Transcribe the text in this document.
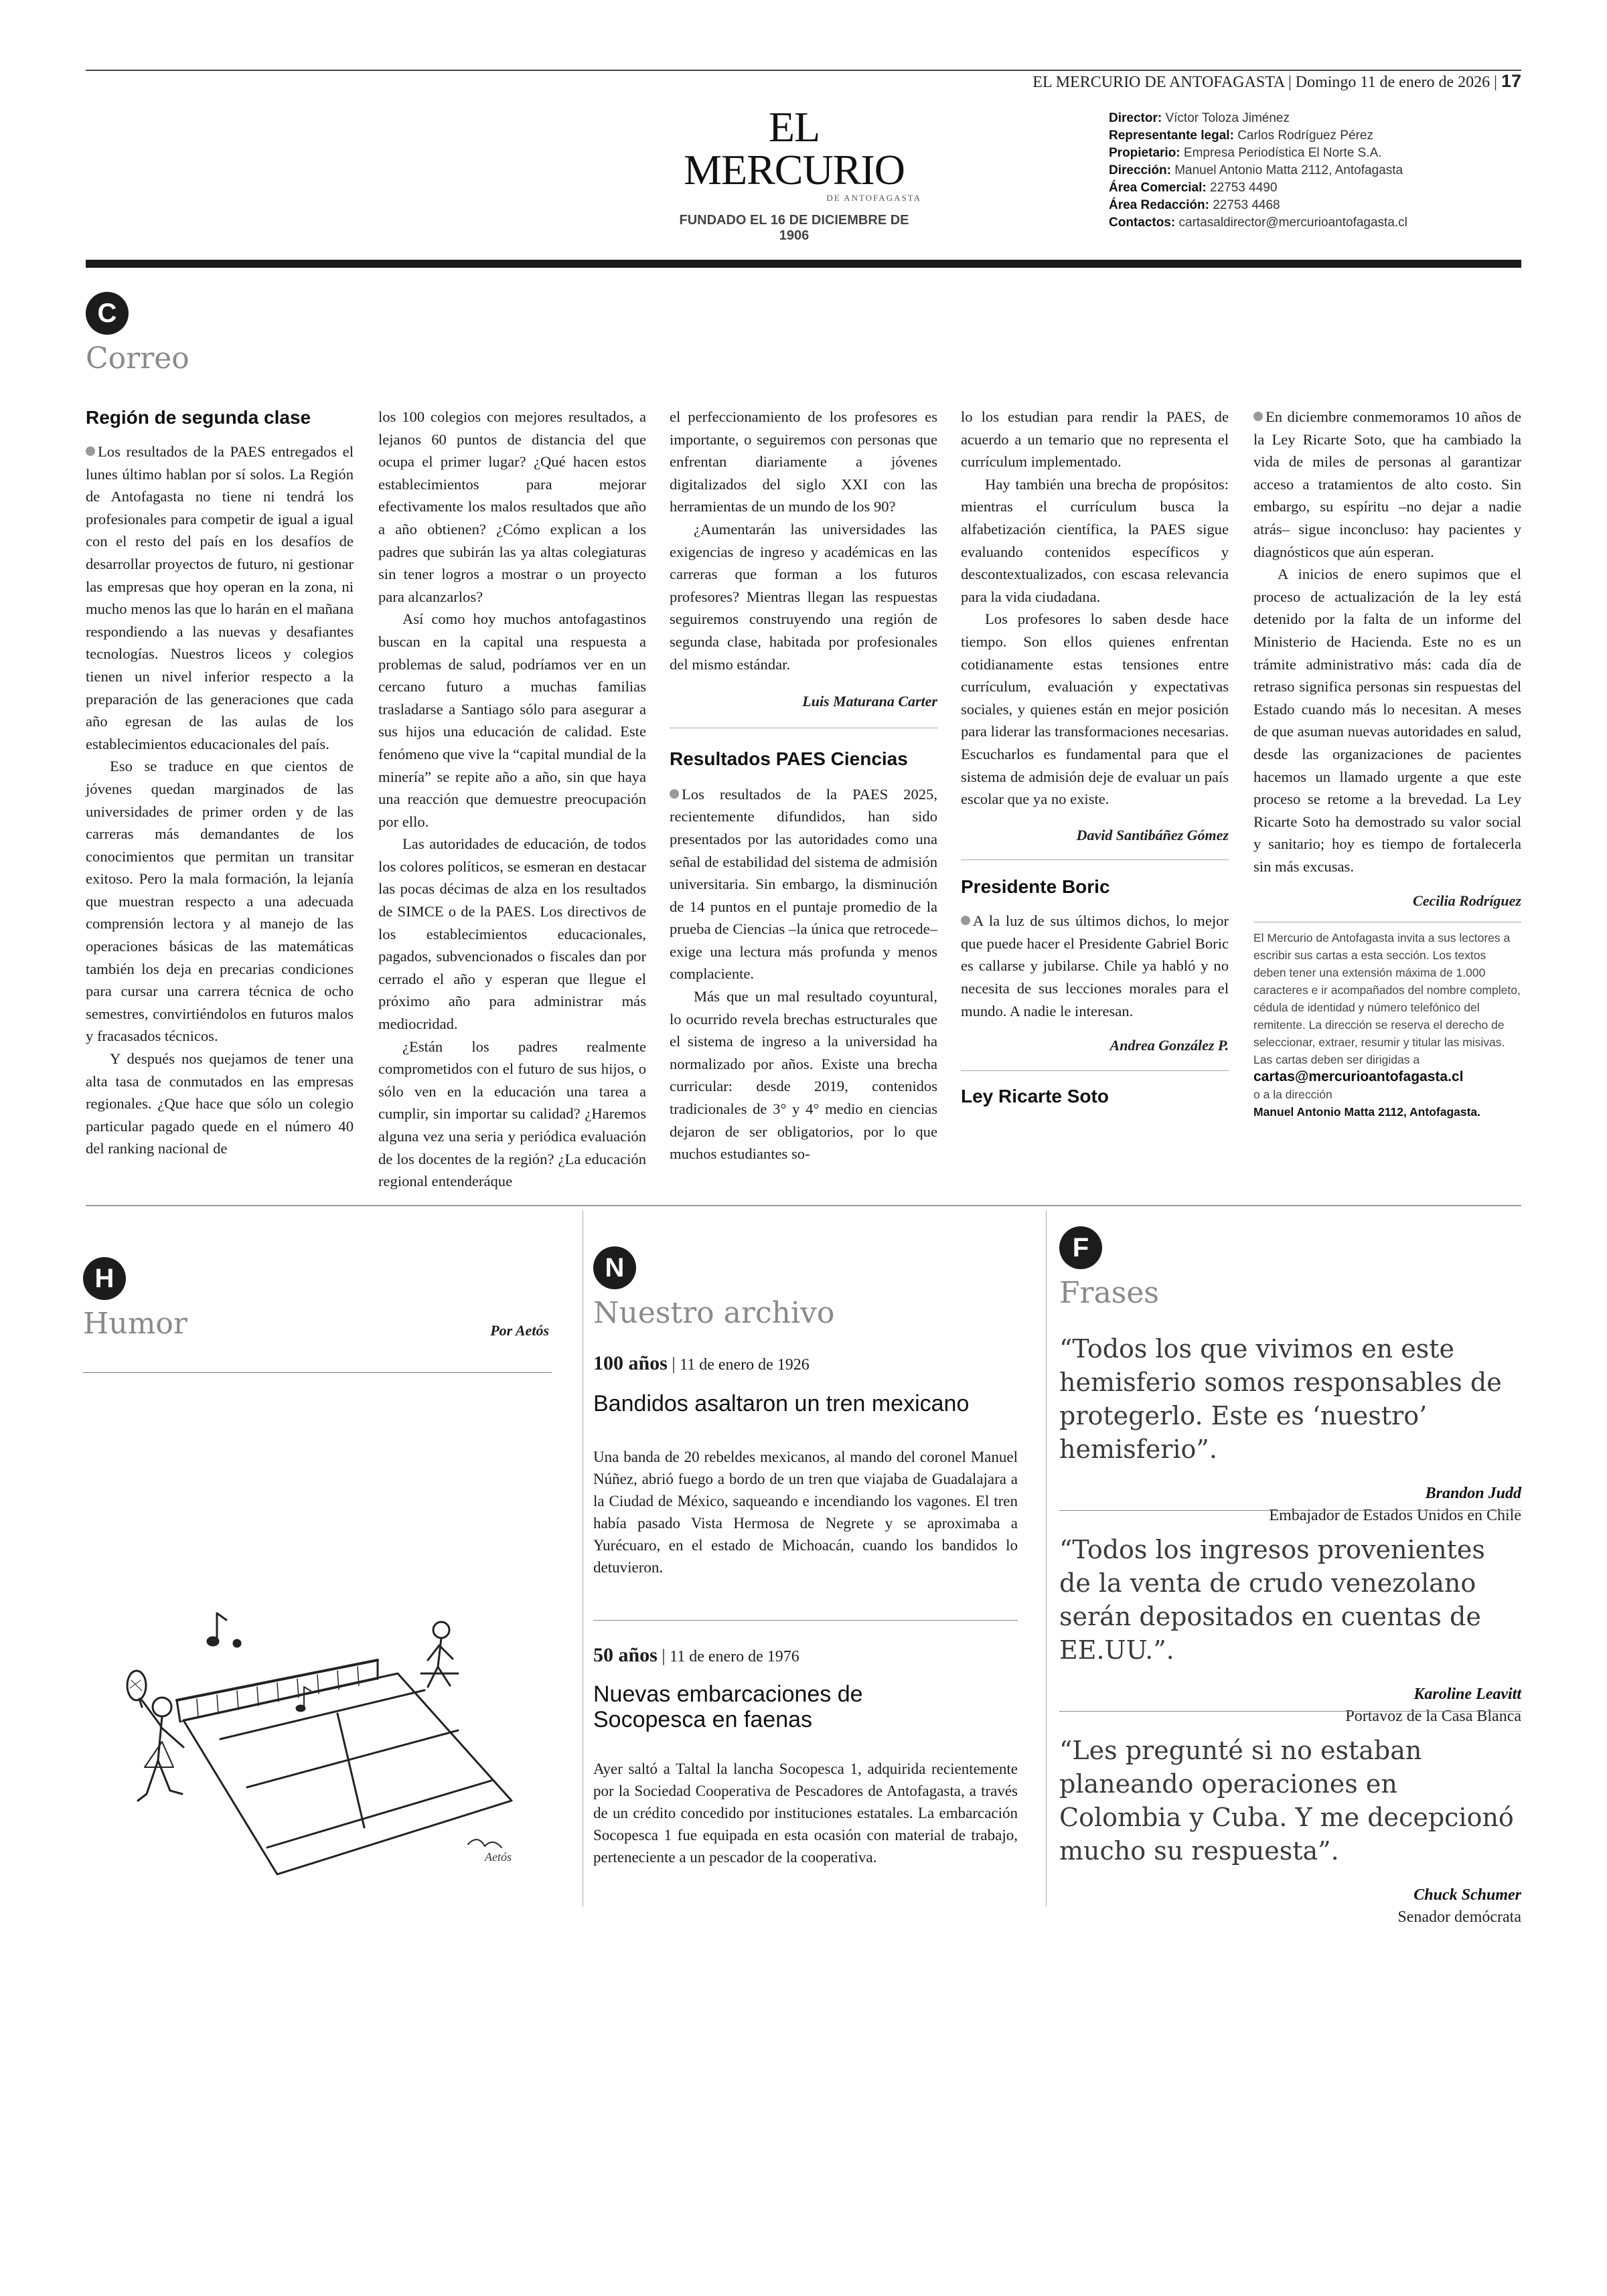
EL MERCURIO DE ANTOFAGASTA | Domingo 11 de enero de 2026 | 17
EL MERCURIO
DE ANTOFAGASTA
FUNDADO EL 16 DE DICIEMBRE DE 1906
Director: Víctor Toloza Jiménez
Representante legal: Carlos Rodríguez Pérez
Propietario: Empresa Periodística El Norte S.A.
Dirección: Manuel Antonio Matta 2112, Antofagasta
Área Comercial: 22753 4490
Área Redacción: 22753 4468
Contactos: cartasaldirector@mercurioantofagasta.cl
C
Correo
Región de segunda clase

Los resultados de la PAES entregados el lunes último hablan por sí solos. La Región de Antofagasta no tiene ni tendrá los profesionales para competir de igual a igual con el resto del país en los desafíos de desarrollar proyectos de futuro, ni gestionar las empresas que hoy operan en la zona, ni mucho menos las que lo harán en el mañana respondiendo a las nuevas y desafiantes tecnologías. Nuestros liceos y colegios tienen un nivel inferior respecto a la preparación de las generaciones que cada año egresan de las aulas de los establecimientos educacionales del país.

Eso se traduce en que cientos de jóvenes quedan marginados de las universidades de primer orden y de las carreras más demandantes de los conocimientos que permitan un transitar exitoso. Pero la mala formación, la lejanía que muestran respecto a una adecuada comprensión lectora y al manejo de las operaciones básicas de las matemáticas también los deja en precarias condiciones para cursar una carrera técnica de ocho semestres, convirtiéndolos en futuros malos y fracasados técnicos.

Y después nos quejamos de tener una alta tasa de conmutados en las empresas regionales. ¿Que hace que sólo un colegio particular pagado quede en el número 40 del ranking nacional de

los 100 colegios con mejores resultados, a lejanos 60 puntos de distancia del que ocupa el primer lugar? ¿Qué hacen estos establecimientos para mejorar efectivamente los malos resultados que año a año obtienen? ¿Cómo explican a los padres que subirán las ya altas colegiaturas sin tener logros a mostrar o un proyecto para alcanzarlos?

Así como hoy muchos antofagastinos buscan en la capital una respuesta a problemas de salud, podríamos ver en un cercano futuro a muchas familias trasladarse a Santiago sólo para asegurar a sus hijos una educación de calidad. Este fenómeno que vive la “capital mundial de la minería” se repite año a año, sin que haya una reacción que demuestre preocupación por ello.

Las autoridades de educación, de todos los colores políticos, se esmeran en destacar las pocas décimas de alza en los resultados de SIMCE o de la PAES. Los directivos de los establecimientos educacionales, pagados, subvencionados o fiscales dan por cerrado el año y esperan que llegue el próximo año para administrar más mediocridad.

¿Están los padres realmente comprometidos con el futuro de sus hijos, o sólo ven en la educación una tarea a cumplir, sin importar su calidad? ¿Haremos alguna vez una seria y periódica evaluación de los docentes de la región? ¿La educación regional entenderáque

el perfeccionamiento de los profesores es importante, o seguiremos con personas que enfrentan diariamente a jóvenes digitalizados del siglo XXI con las herramientas de un mundo de los 90?

¿Aumentarán las universidades las exigencias de ingreso y académicas en las carreras que forman a los futuros profesores? Mientras llegan las respuestas seguiremos construyendo una región de segunda clase, habitada por profesionales del mismo estándar.

Luis Maturana Carter
Resultados PAES Ciencias

Los resultados de la PAES 2025, recientemente difundidos, han sido presentados por las autoridades como una señal de estabilidad del sistema de admisión universitaria. Sin embargo, la disminución de 14 puntos en el puntaje promedio de la prueba de Ciencias –la única que retrocede– exige una lectura más profunda y menos complaciente.

Más que un mal resultado coyuntural, lo ocurrido revela brechas estructurales que el sistema de ingreso a la universidad ha normalizado por años. Existe una brecha curricular: desde 2019, contenidos tradicionales de 3° y 4° medio en ciencias dejaron de ser obligatorios, por lo que muchos estudiantes so-

lo los estudian para rendir la PAES, de acuerdo a un temario que no representa el currículum implementado.

Hay también una brecha de propósitos: mientras el currículum busca la alfabetización científica, la PAES sigue evaluando contenidos específicos y descontextualizados, con escasa relevancia para la vida ciudadana.

Los profesores lo saben desde hace tiempo. Son ellos quienes enfrentan cotidianamente estas tensiones entre currículum, evaluación y expectativas sociales, y quienes están en mejor posición para liderar las transformaciones necesarias. Escucharlos es fundamental para que el sistema de admisión deje de evaluar un país escolar que ya no existe.

David Santibáñez Gómez
Presidente Boric

A la luz de sus últimos dichos, lo mejor que puede hacer el Presidente Gabriel Boric es callarse y jubilarse. Chile ya habló y no necesita de sus lecciones morales para el mundo. A nadie le interesan.

Andrea González P.
Ley Ricarte Soto

En diciembre conmemoramos 10 años de la Ley Ricarte Soto, que ha cambiado la vida de miles de personas al garantizar acceso a tratamientos de alto costo. Sin embargo, su espíritu –no dejar a nadie atrás– sigue inconcluso: hay pacientes y diagnósticos que aún esperan.

A inicios de enero supimos que el proceso de actualización de la ley está detenido por la falta de un informe del Ministerio de Hacienda. Este no es un trámite administrativo más: cada día de retraso significa personas sin respuestas del Estado cuando más lo necesitan. A meses de que asuman nuevas autoridades en salud, desde las organizaciones de pacientes hacemos un llamado urgente a que este proceso se retome a la brevedad. La Ley Ricarte Soto ha demostrado su valor social y sanitario; hoy es tiempo de fortalecerla sin más excusas.

Cecilia Rodríguez
El Mercurio de Antofagasta invita a sus lectores a escribir sus cartas a esta sección. Los textos deben tener una extensión máxima de 1.000 caracteres e ir acompañados del nombre completo, cédula de identidad y número telefónico del remitente. La dirección se reserva el derecho de seleccionar, extraer, resumir y titular las misivas. Las cartas deben ser dirigidas a
cartas@mercurioantofagasta.cl
o a la dirección
Manuel Antonio Matta 2112, Antofagasta.
H
Humor	Por Aetós
Aetós
N
Nuestro archivo
100 años | 11 de enero de 1926
Bandidos asaltaron un tren mexicano
Una banda de 20 rebeldes mexicanos, al mando del coronel Manuel Núñez, abrió fuego a bordo de un tren que viajaba de Guadalajara a la Ciudad de México, saqueando e incendiando los vagones. El tren había pasado Vista Hermosa de Negrete y se aproximaba a Yurécuaro, en el estado de Michoacán, cuando los bandidos lo detuvieron.
50 años | 11 de enero de 1976
Nuevas embarcaciones de Socopesca en faenas
Ayer saltó a Taltal la lancha Socopesca 1, adquirida recientemente por la Sociedad Cooperativa de Pescadores de Antofagasta, a través de un crédito concedido por instituciones estatales. La embarcación Socopesca 1 fue equipada en esta ocasión con material de trabajo, perteneciente a un pescador de la cooperativa.
F
Frases
“Todos los que vivimos en este hemisferio somos responsables de protegerlo. Este es ‘nuestro’ hemisferio”.
Brandon Judd
Embajador de Estados Unidos en Chile
“Todos los ingresos provenientes de la venta de crudo venezolano serán depositados en cuentas de EE.UU.”.
Karoline Leavitt
Portavoz de la Casa Blanca
“Les pregunté si no estaban planeando operaciones en Colombia y Cuba. Y me decepcionó mucho su respuesta”.
Chuck Schumer
Senador demócrata
